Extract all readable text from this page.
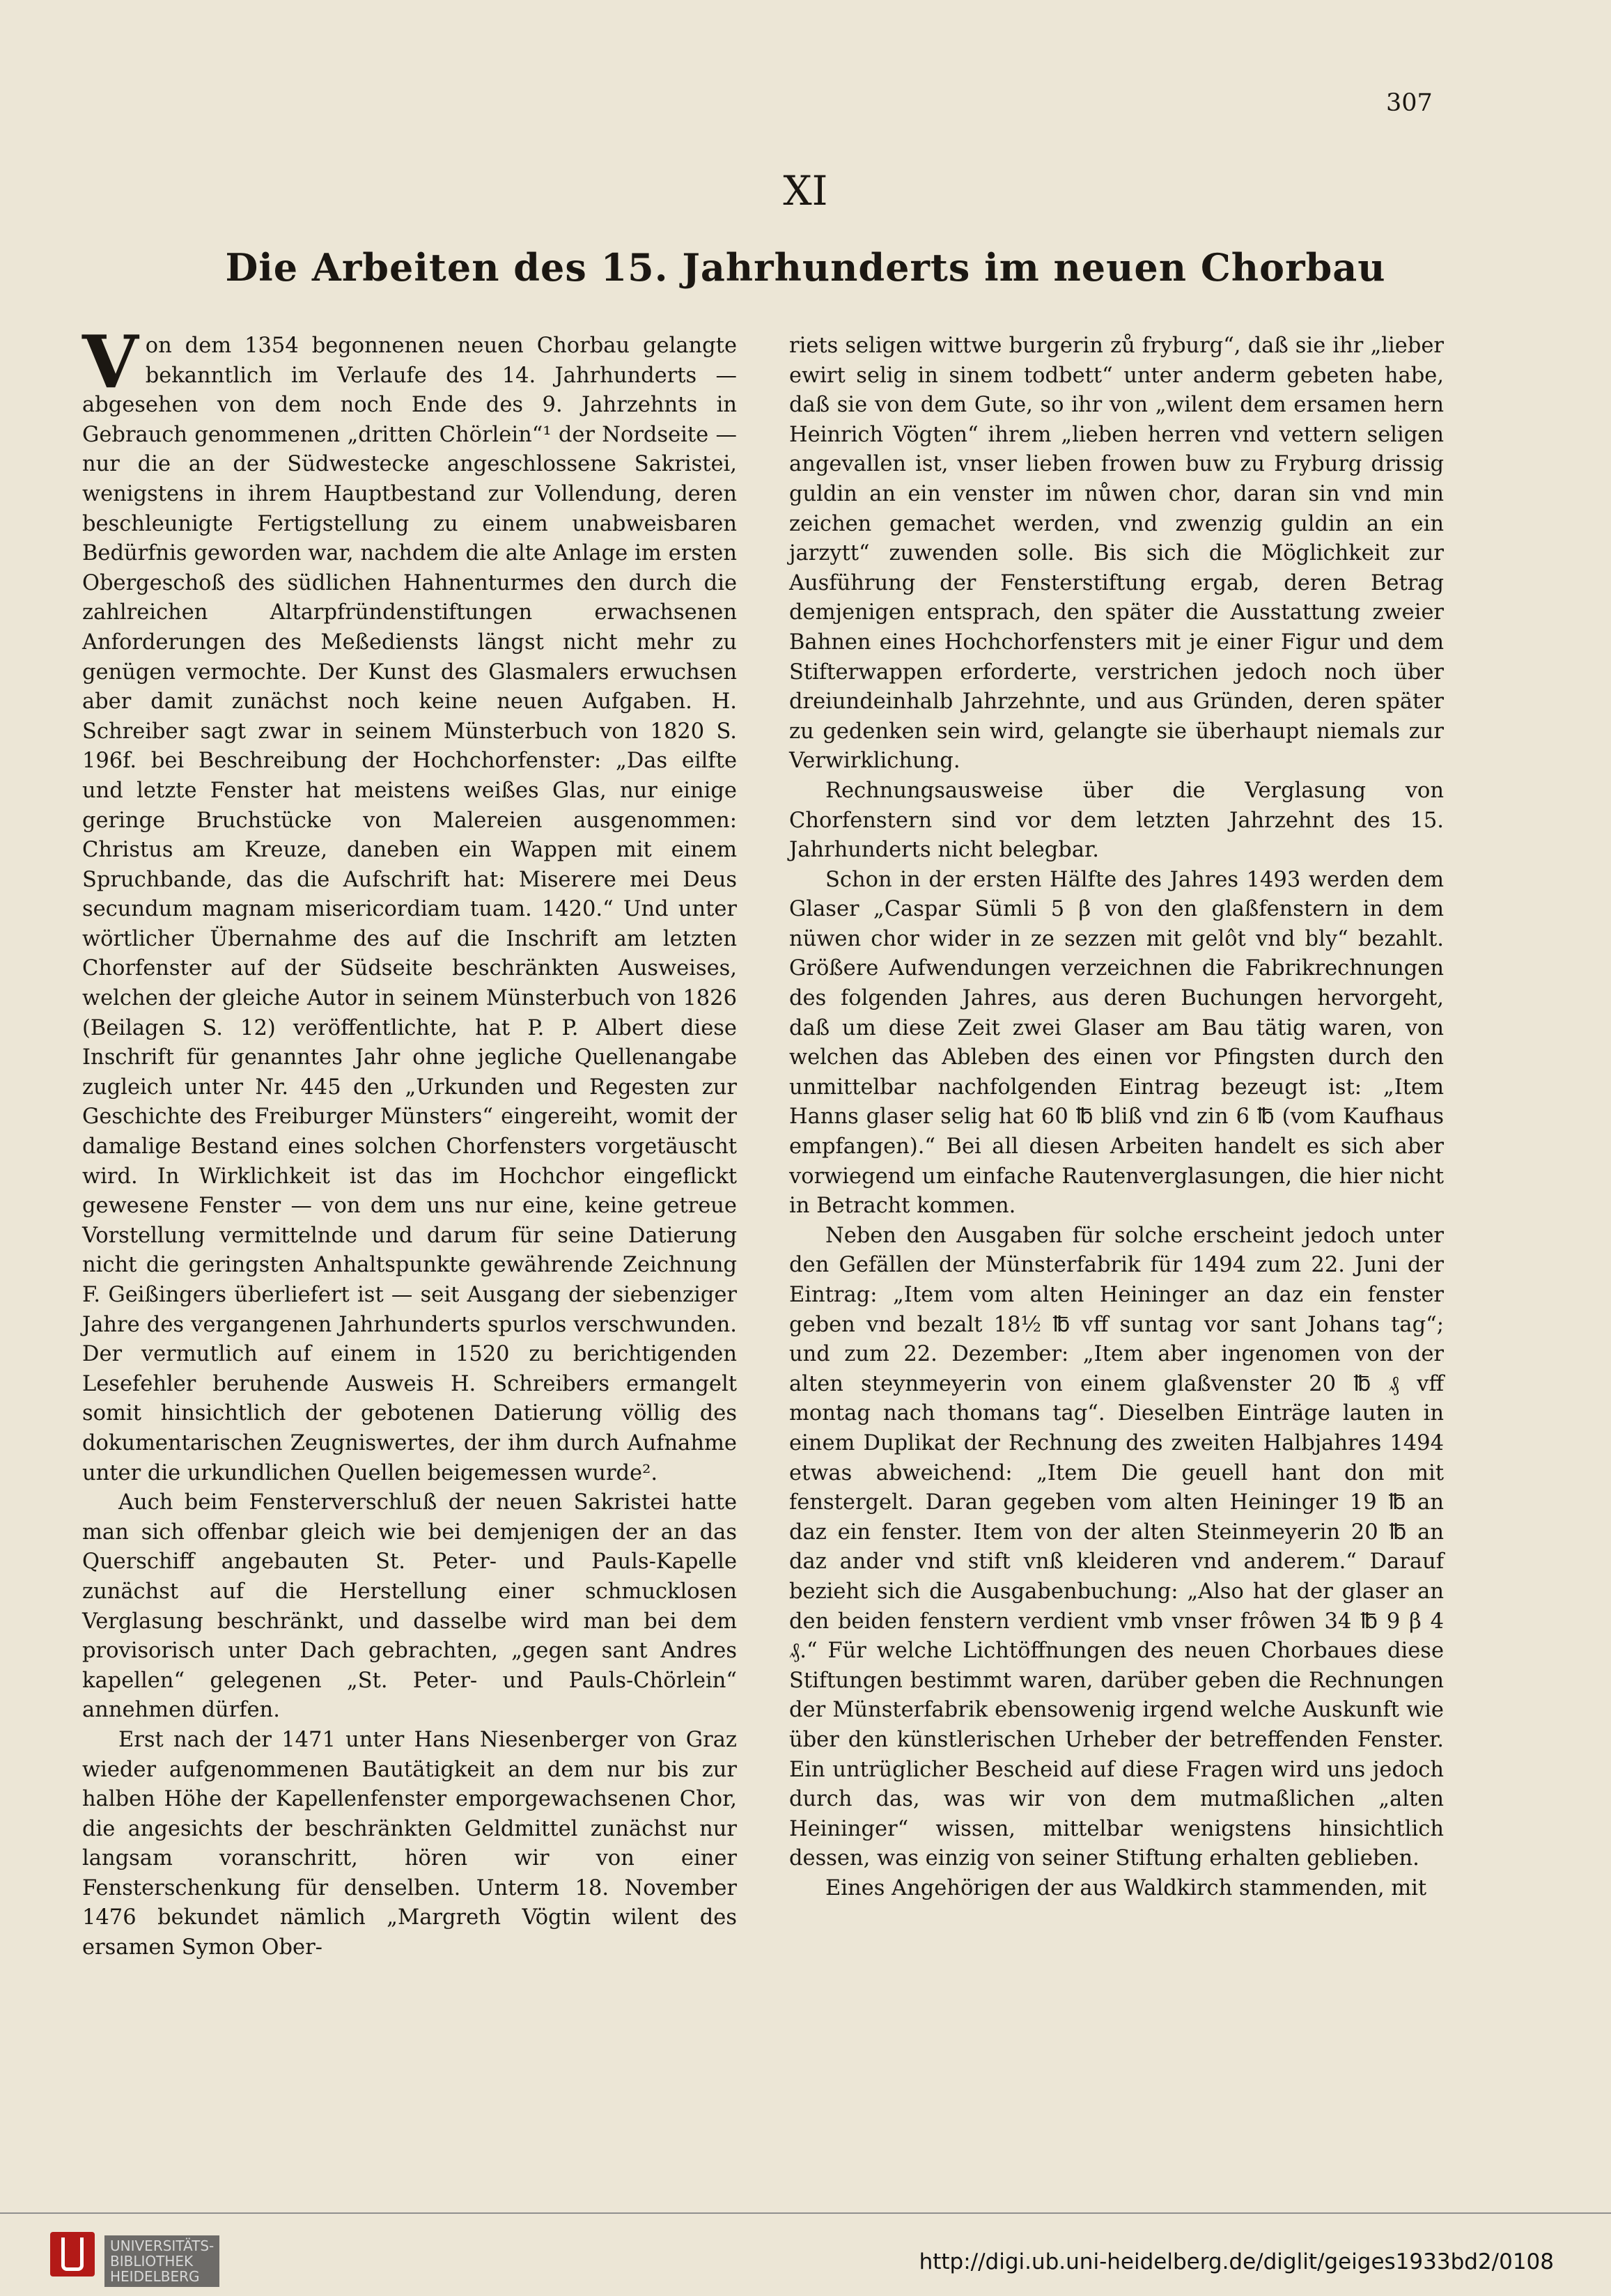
307
XI
Die Arbeiten des 15. Jahrhunderts im neuen Chorbau

Von dem 1354 begonnenen neuen Chorbau gelangte bekanntlich im Verlaufe des 14. Jahrhunderts — abgesehen von dem noch Ende des 9. Jahrzehnts in Gebrauch genommenen „dritten Chörlein“¹ der Nordseite — nur die an der Südwestecke angeschlossene Sakristei, wenigstens in ihrem Hauptbestand zur Vollendung, deren beschleunigte Fertigstellung zu einem unabweisbaren Bedürfnis geworden war, nachdem die alte Anlage im ersten Obergeschoß des südlichen Hahnenturmes den durch die zahlreichen Altarpfründenstiftungen erwachsenen Anforderungen des Meßediensts längst nicht mehr zu genügen vermochte. Der Kunst des Glasmalers erwuchsen aber damit zunächst noch keine neuen Aufgaben. H. Schreiber sagt zwar in seinem Münsterbuch von 1820 S. 196f. bei Beschreibung der Hochchorfenster: „Das eilfte und letzte Fenster hat meistens weißes Glas, nur einige geringe Bruchstücke von Malereien ausgenommen: Christus am Kreuze, daneben ein Wappen mit einem Spruchbande, das die Aufschrift hat: Miserere mei Deus secundum magnam misericordiam tuam. 1420.“ Und unter wörtlicher Übernahme des auf die Inschrift am letzten Chorfenster auf der Südseite beschränkten Ausweises, welchen der gleiche Autor in seinem Münsterbuch von 1826 (Beilagen S. 12) veröffentlichte, hat P. P. Albert diese Inschrift für genanntes Jahr ohne jegliche Quellenangabe zugleich unter Nr. 445 den „Urkunden und Regesten zur Geschichte des Freiburger Münsters“ eingereiht, womit der damalige Bestand eines solchen Chorfensters vorgetäuscht wird. In Wirklichkeit ist das im Hochchor eingeflickt gewesene Fenster — von dem uns nur eine, keine getreue Vorstellung vermittelnde und darum für seine Datierung nicht die geringsten Anhaltspunkte gewährende Zeichnung F. Geißingers überliefert ist — seit Ausgang der siebenziger Jahre des vergangenen Jahrhunderts spurlos verschwunden. Der vermutlich auf einem in 1520 zu berichtigenden Lesefehler beruhende Ausweis H. Schreibers ermangelt somit hinsichtlich der gebotenen Datierung völlig des dokumentarischen Zeugniswertes, der ihm durch Aufnahme unter die urkundlichen Quellen beigemessen wurde².

Auch beim Fensterverschluß der neuen Sakristei hatte man sich offenbar gleich wie bei demjenigen der an das Querschiff angebauten St. Peter- und Pauls-Kapelle zunächst auf die Herstellung einer schmucklosen Verglasung beschränkt, und dasselbe wird man bei dem provisorisch unter Dach gebrachten, „gegen sant Andres kapellen“ gelegenen „St. Peter- und Pauls-Chörlein“ annehmen dürfen.

Erst nach der 1471 unter Hans Niesenberger von Graz wieder aufgenommenen Bautätigkeit an dem nur bis zur halben Höhe der Kapellenfenster emporgewachsenen Chor, die angesichts der beschränkten Geldmittel zunächst nur langsam voranschritt, hören wir von einer Fensterschenkung für denselben. Unterm 18. November 1476 bekundet nämlich „Margreth Vögtin wilent des ersamen Symon Ober-

riets seligen wittwe burgerin zů fryburg“, daß sie ihr „lieber ewirt selig in sinem todbett“ unter anderm gebeten habe, daß sie von dem Gute, so ihr von „wilent dem ersamen hern Heinrich Vögten“ ihrem „lieben herren vnd vettern seligen angevallen ist, vnser lieben frowen buw zu Fryburg drissig guldin an ein venster im nůwen chor, daran sin vnd min zeichen gemachet werden, vnd zwenzig guldin an ein jarzytt“ zuwenden solle. Bis sich die Möglichkeit zur Ausführung der Fensterstiftung ergab, deren Betrag demjenigen entsprach, den später die Ausstattung zweier Bahnen eines Hochchorfensters mit je einer Figur und dem Stifterwappen erforderte, verstrichen jedoch noch über dreiundeinhalb Jahrzehnte, und aus Gründen, deren später zu gedenken sein wird, gelangte sie überhaupt niemals zur Verwirklichung.

Rechnungsausweise über die Verglasung von Chorfenstern sind vor dem letzten Jahrzehnt des 15. Jahrhunderts nicht belegbar.

Schon in der ersten Hälfte des Jahres 1493 werden dem Glaser „Caspar Sümli 5 β von den glaßfenstern in dem nüwen chor wider in ze sezzen mit gelôt vnd bly“ bezahlt. Größere Aufwendungen verzeichnen die Fabrikrechnungen des folgenden Jahres, aus deren Buchungen hervorgeht, daß um diese Zeit zwei Glaser am Bau tätig waren, von welchen das Ableben des einen vor Pfingsten durch den unmittelbar nachfolgenden Eintrag bezeugt ist: „Item Hanns glaser selig hat 60 ℔ bliß vnd zin 6 ℔ (vom Kaufhaus empfangen).“ Bei all diesen Arbeiten handelt es sich aber vorwiegend um einfache Rautenverglasungen, die hier nicht in Betracht kommen.

Neben den Ausgaben für solche erscheint jedoch unter den Gefällen der Münsterfabrik für 1494 zum 22. Juni der Eintrag: „Item vom alten Heininger an daz ein fenster geben vnd bezalt 18½ ℔ vff suntag vor sant Johans tag“; und zum 22. Dezember: „Item aber ingenomen von der alten steynmeyerin von einem glaßvenster 20 ℔ ₰ vff montag nach thomans tag“. Dieselben Einträge lauten in einem Duplikat der Rechnung des zweiten Halbjahres 1494 etwas abweichend: „Item Die geuell hant don mit fenstergelt. Daran gegeben vom alten Heininger 19 ℔ an daz ein fenster. Item von der alten Steinmeyerin 20 ℔ an daz ander vnd stift vnß kleideren vnd anderem.“ Darauf bezieht sich die Ausgabenbuchung: „Also hat der glaser an den beiden fenstern verdient vmb vnser frôwen 34 ℔ 9 β 4 ₰.“ Für welche Lichtöffnungen des neuen Chorbaues diese Stiftungen bestimmt waren, darüber geben die Rechnungen der Münsterfabrik ebensowenig irgend welche Auskunft wie über den künstlerischen Urheber der betreffenden Fenster. Ein untrüglicher Bescheid auf diese Fragen wird uns jedoch durch das, was wir von dem mutmaßlichen „alten Heininger“ wissen, mittelbar wenigstens hinsichtlich dessen, was einzig von seiner Stiftung erhalten geblieben.

Eines Angehörigen der aus Waldkirch stammenden, mit

UNIVERSITÄTS-
BIBLIOTHEK
HEIDELBERG
http://digi.ub.uni-heidelberg.de/diglit/geiges1933bd2/0108
